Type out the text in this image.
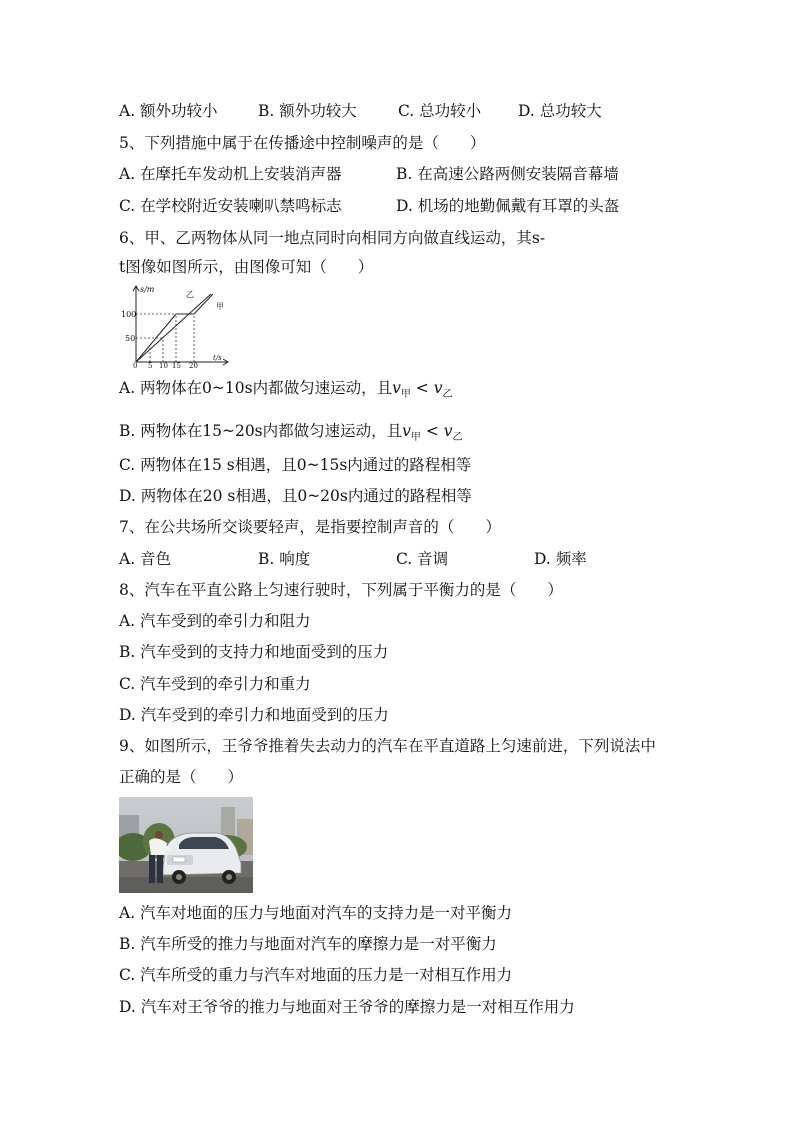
A. 额外功较小	B. 额外功较大	C. 总功较小 D. 总功较大
5、下列措施中属于在传播途中控制噪声的是（　　）
A. 在摩托车发动机上安装消声器	B. 在高速公路两侧安装隔音幕墙
C. 在学校附近安装喇叭禁鸣标志	D. 机场的地勤佩戴有耳罩的头盔
6、甲、乙两物体从同一地点同时向相同方向做直线运动，其s-
t图像如图所示，由图像可知（　　）
s/m
t/s
100
50
0 5 10 15 20
乙
甲
A. 两物体在0~10s内都做匀速运动，且$v_甲 < v_乙$
B. 两物体在15~20s内都做匀速运动，且$v_甲 < v_乙$
C. 两物体在15 s相遇，且0~15s内通过的路程相等
D. 两物体在20 s相遇，且0~20s内通过的路程相等
7、在公共场所交谈要轻声，是指要控制声音的（　　）
A. 音色	B. 响度	C. 音调	D. 频率
8、汽车在平直公路上匀速行驶时，下列属于平衡力的是（　　）
A. 汽车受到的牵引力和阻力
B. 汽车受到的支持力和地面受到的压力
C. 汽车受到的牵引力和重力
D. 汽车受到的牵引力和地面受到的压力
9、如图所示，王爷爷推着失去动力的汽车在平直道路上匀速前进，下列说法中
正确的是（　　）
A. 汽车对地面的压力与地面对汽车的支持力是一对平衡力
B. 汽车所受的推力与地面对汽车的摩擦力是一对平衡力
C. 汽车所受的重力与汽车对地面的压力是一对相互作用力
D. 汽车对王爷爷的推力与地面对王爷爷的摩擦力是一对相互作用力
